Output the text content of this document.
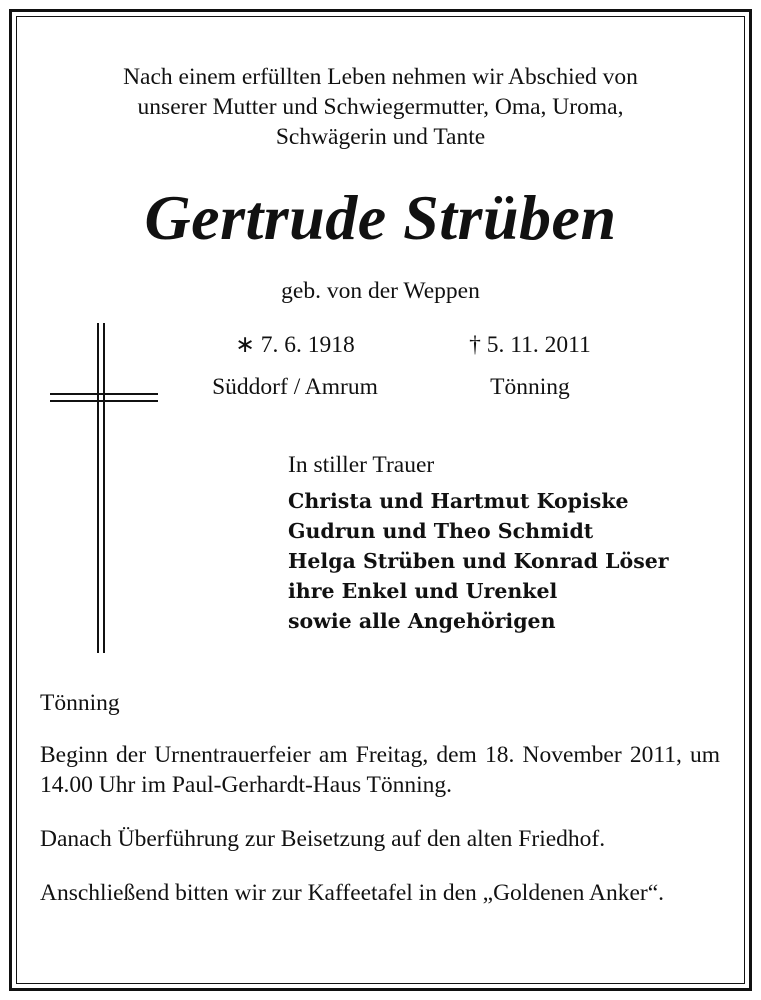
Nach einem erfüllten Leben nehmen wir Abschied von
unserer Mutter und Schwiegermutter, Oma, Uroma,
Schwägerin und Tante
Gertrude Strüben
geb. von der Weppen
∗ 7. 6. 1918	† 5. 11. 2011
Süddorf / Amrum	Tönning
In stiller Trauer
Christa und Hartmut Kopiske
Gudrun und Theo Schmidt
Helga Strüben und Konrad Löser
ihre Enkel und Urenkel
sowie alle Angehörigen
Tönning
Beginn der Urnentrauerfeier am Freitag, dem 18. November 2011, um 14.00 Uhr im Paul-Gerhardt-Haus Tönning.
Danach Überführung zur Beisetzung auf den alten Friedhof.
Anschließend bitten wir zur Kaffeetafel in den „Goldenen Anker“.
